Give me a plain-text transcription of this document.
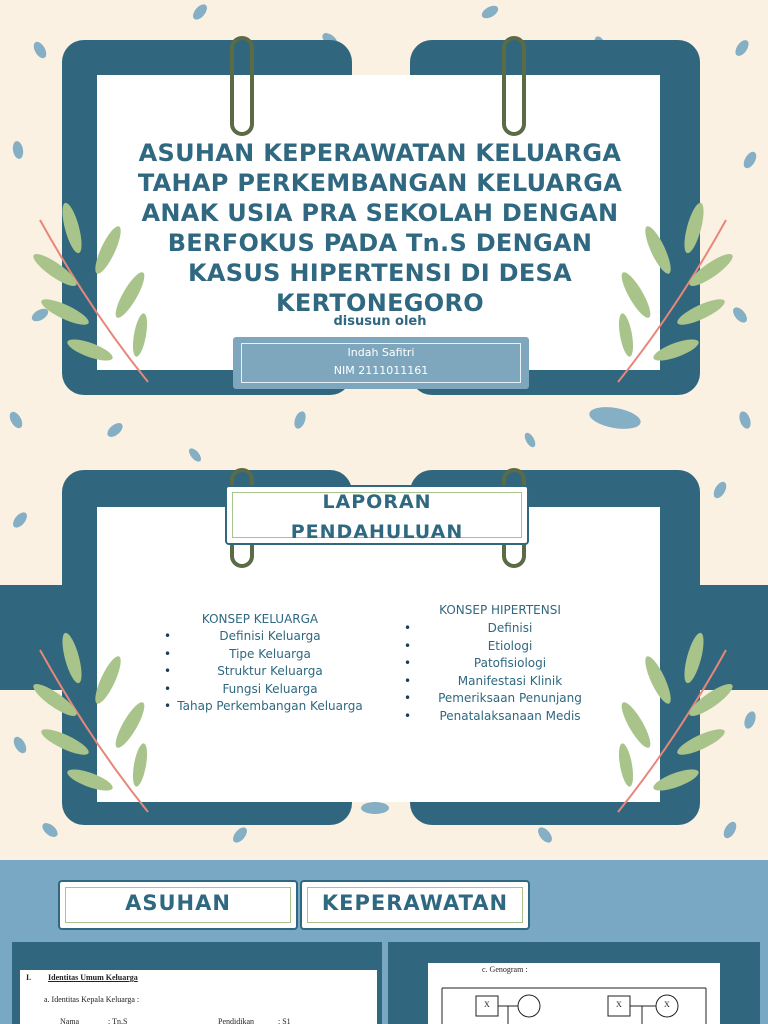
ASUHAN KEPERAWATAN KELUARGA
TAHAP PERKEMBANGAN KELUARGA
ANAK USIA PRA SEKOLAH DENGAN
BERFOKUS PADA Tn.S DENGAN
KASUS HIPERTENSI DI DESA
KERTONEGORO
disusun oleh
Indah Safitri
NIM 2111011161
LAPORAN
PENDAHULUAN
KONSEP KELUARGA
• Definisi Keluarga
• Tipe Keluarga
• Struktur Keluarga
• Fungsi Keluarga
• Tahap Perkembangan Keluarga
KONSEP HIPERTENSI
• Definisi
• Etiologi
• Patofisiologi
• Manifestasi Klinik
• Pemeriksaan Penunjang
• Penatalaksanaan Medis
ASUHAN	KEPERAWATAN
I. Identitas Umum Keluarga
a. Identitas Kepala Keluarga :
Nama	: Tn.S	Pendidikan	: S1
c. Genogram :
X	X	X
